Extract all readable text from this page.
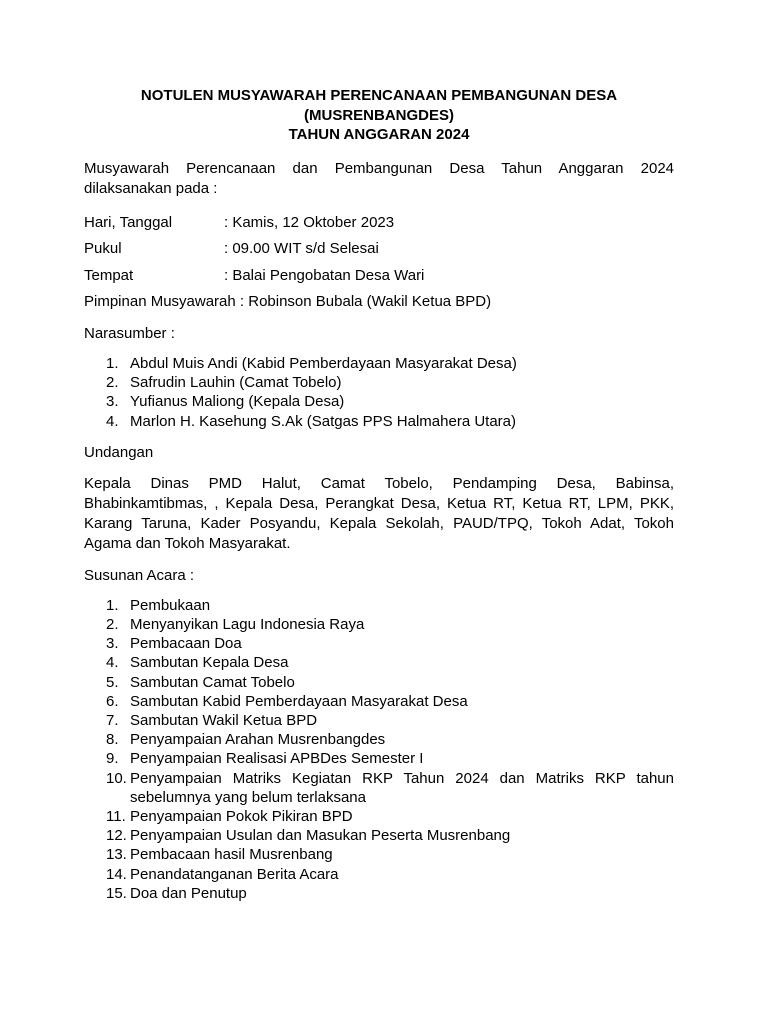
NOTULEN MUSYAWARAH PERENCANAAN PEMBANGUNAN DESA
(MUSRENBANGDES)
TAHUN ANGGARAN 2024

Musyawarah Perencanaan dan Pembangunan Desa Tahun Anggaran 2024 dilaksanakan pada :

Hari, Tanggal	: Kamis, 12 Oktober 2023
Pukul	: 09.00 WIT s/d Selesai
Tempat	: Balai Pengobatan Desa Wari
Pimpinan Musyawarah : Robinson Bubala (Wakil Ketua BPD)
Narasumber :
1. Abdul Muis Andi (Kabid Pemberdayaan Masyarakat Desa)
2. Safrudin Lauhin (Camat Tobelo)
3. Yufianus Maliong (Kepala Desa)
4. Marlon H. Kasehung S.Ak (Satgas PPS Halmahera Utara)
Undangan

Kepala Dinas PMD Halut, Camat Tobelo, Pendamping Desa, Babinsa, Bhabinkamtibmas, , Kepala Desa, Perangkat Desa, Ketua RT, Ketua RT, LPM, PKK, Karang Taruna, Kader Posyandu, Kepala Sekolah, PAUD/TPQ, Tokoh Adat, Tokoh Agama dan Tokoh Masyarakat.

Susunan Acara :
1. Pembukaan
2. Menyanyikan Lagu Indonesia Raya
3. Pembacaan Doa
4. Sambutan Kepala Desa
5. Sambutan Camat Tobelo
6. Sambutan Kabid Pemberdayaan Masyarakat Desa
7. Sambutan Wakil Ketua BPD
8. Penyampaian Arahan Musrenbangdes
9. Penyampaian Realisasi APBDes Semester I
10. Penyampaian Matriks Kegiatan RKP Tahun 2024 dan Matriks RKP tahun sebelumnya yang belum terlaksana
11. Penyampaian Pokok Pikiran BPD
12. Penyampaian Usulan dan Masukan Peserta Musrenbang
13. Pembacaan hasil Musrenbang
14. Penandatanganan Berita Acara
15. Doa dan Penutup
